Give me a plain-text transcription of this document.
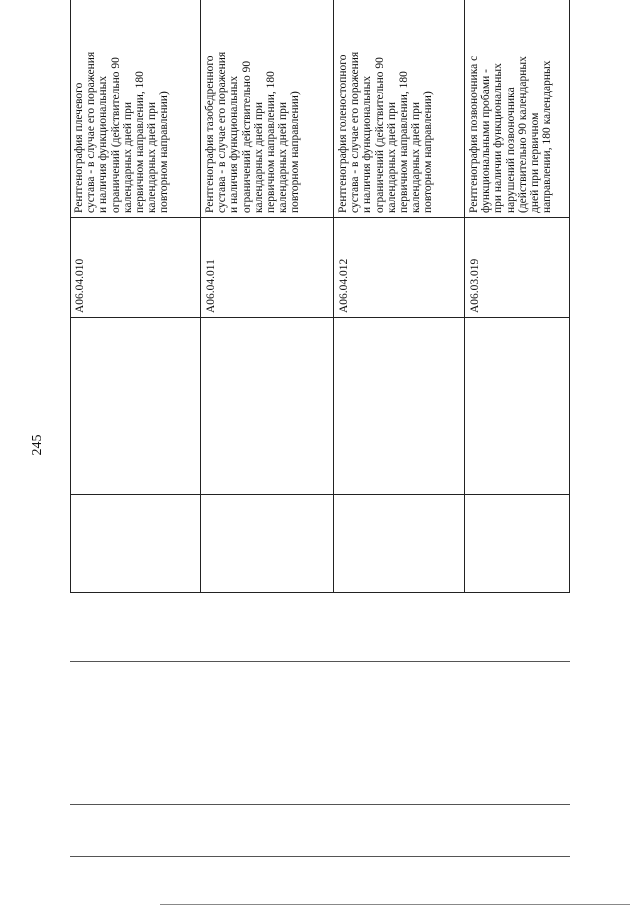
245
A06.04.010
Рентгенография плечевого сустава - в случае его поражения и наличия функциональных ограничений (действительно 90 календарных дней при первичном направлении, 180 календарных дней при повторном направлении)
A06.04.011
Рентгенография тазобедренного сустава - в случае его поражения и наличия функциональных ограничений действительно 90 календарных дней при первичном направлении, 180 календарных дней при повторном направлении)
A06.04.012
Рентгенография голеностопного сустава - в случае его поражения и наличия функциональных ограничений (действительно 90 календарных дней при первичном направлении, 180 календарных дней при повторном направлении)
A06.03.019
Рентгенография позвоночника с функциональными пробами - при наличии функциональных нарушений позвоночника (действительно 90 календарных дней при первичном направлении, 180 календарных
